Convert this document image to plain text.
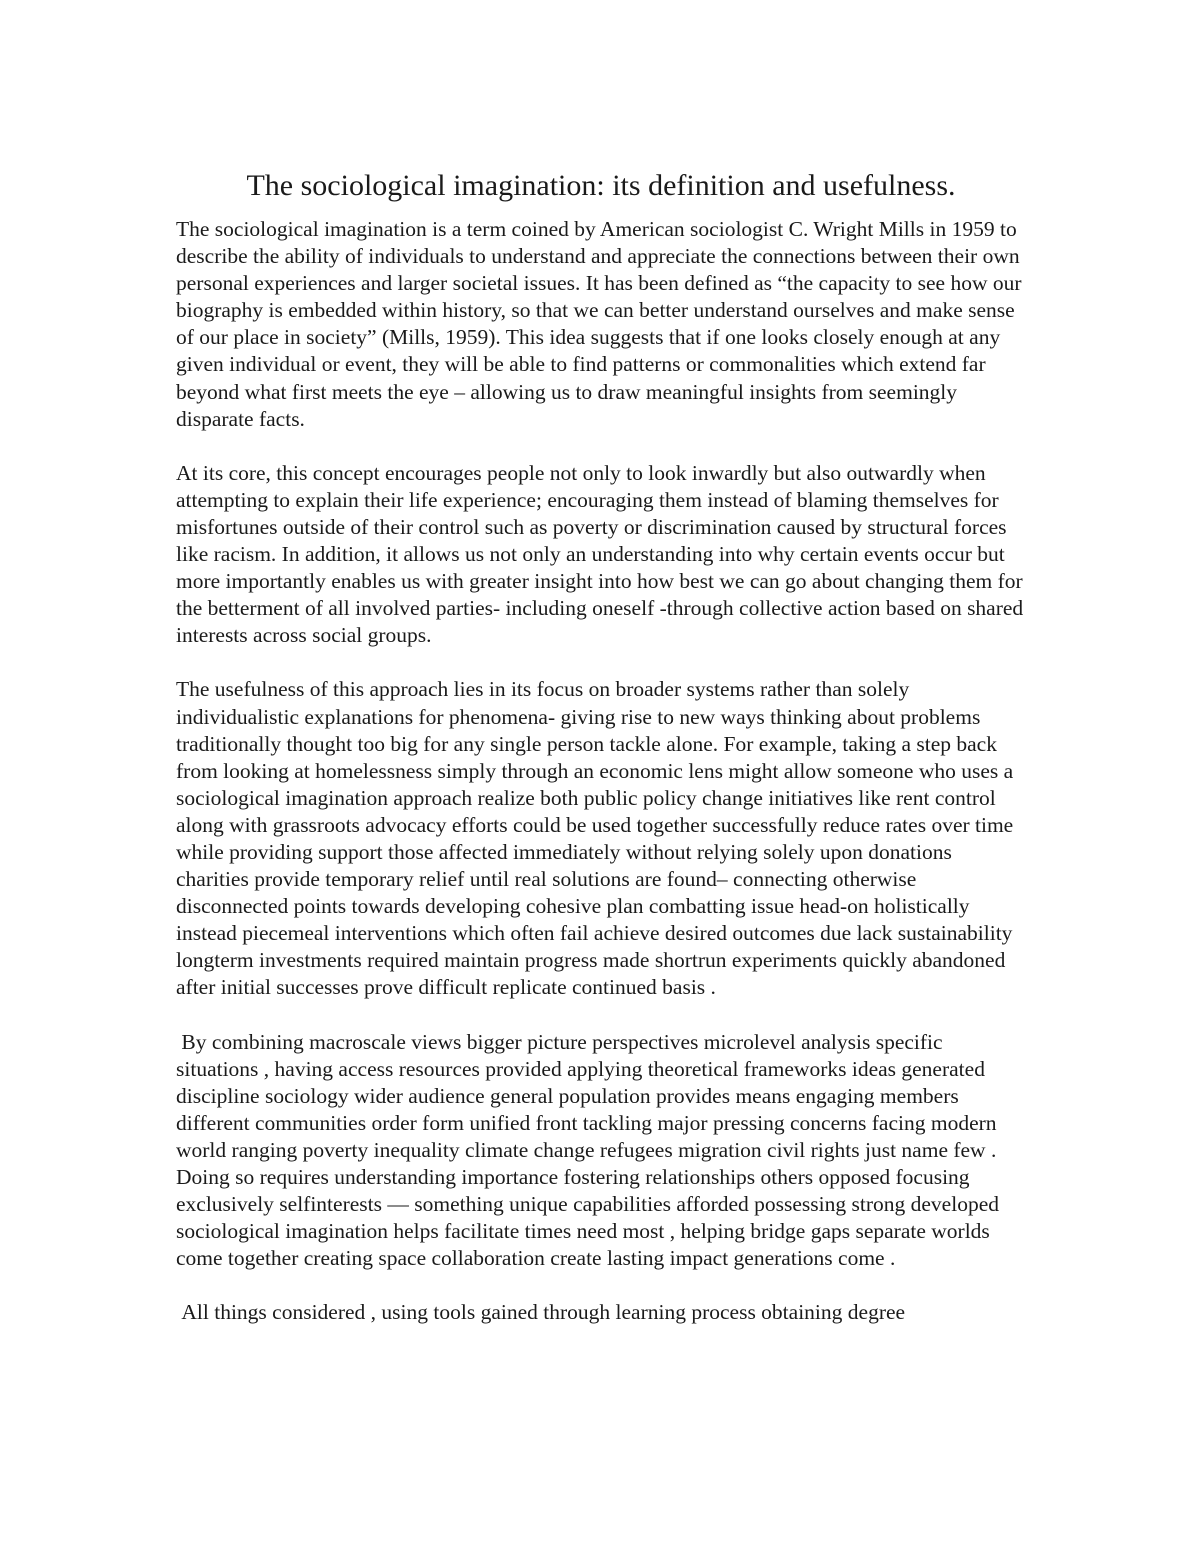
The sociological imagination: its definition and usefulness.

The sociological imagination is a term coined by American sociologist C. Wright Mills in 1959 to describe the ability of individuals to understand and appreciate the connections between their own personal experiences and larger societal issues. It has been defined as “the capacity to see how our biography is embedded within history, so that we can better understand ourselves and make sense of our place in society” (Mills, 1959). This idea suggests that if one looks closely enough at any given individual or event, they will be able to find patterns or commonalities which extend far beyond what first meets the eye – allowing us to draw meaningful insights from seemingly disparate facts.

At its core, this concept encourages people not only to look inwardly but also outwardly when attempting to explain their life experience; encouraging them instead of blaming themselves for misfortunes outside of their control such as poverty or discrimination caused by structural forces like racism. In addition, it allows us not only an understanding into why certain events occur but more importantly enables us with greater insight into how best we can go about changing them for the betterment of all involved parties- including oneself -through collective action based on shared interests across social groups.

The usefulness of this approach lies in its focus on broader systems rather than solely individualistic explanations for phenomena- giving rise to new ways thinking about problems traditionally thought too big for any single person tackle alone. For example, taking a step back from looking at homelessness simply through an economic lens might allow someone who uses a sociological imagination approach realize both public policy change initiatives like rent control along with grassroots advocacy efforts could be used together successfully reduce rates over time while providing support those affected immediately without relying solely upon donations charities provide temporary relief until real solutions are found– connecting otherwise disconnected points towards developing cohesive plan combatting issue head-on holistically instead piecemeal interventions which often fail achieve desired outcomes due lack sustainability longterm investments required maintain progress made shortrun experiments quickly abandoned after initial successes prove difficult replicate continued basis .

By combining macroscale views bigger picture perspectives microlevel analysis specific situations , having access resources provided applying theoretical frameworks ideas generated discipline sociology wider audience general population provides means engaging members different communities order form unified front tackling major pressing concerns facing modern world ranging poverty inequality climate change refugees migration civil rights just name few . Doing so requires understanding importance fostering relationships others opposed focusing exclusively selfinterests — something unique capabilities afforded possessing strong developed sociological imagination helps facilitate times need most , helping bridge gaps separate worlds come together creating space collaboration create lasting impact generations come .

All things considered , using tools gained through learning process obtaining degree
